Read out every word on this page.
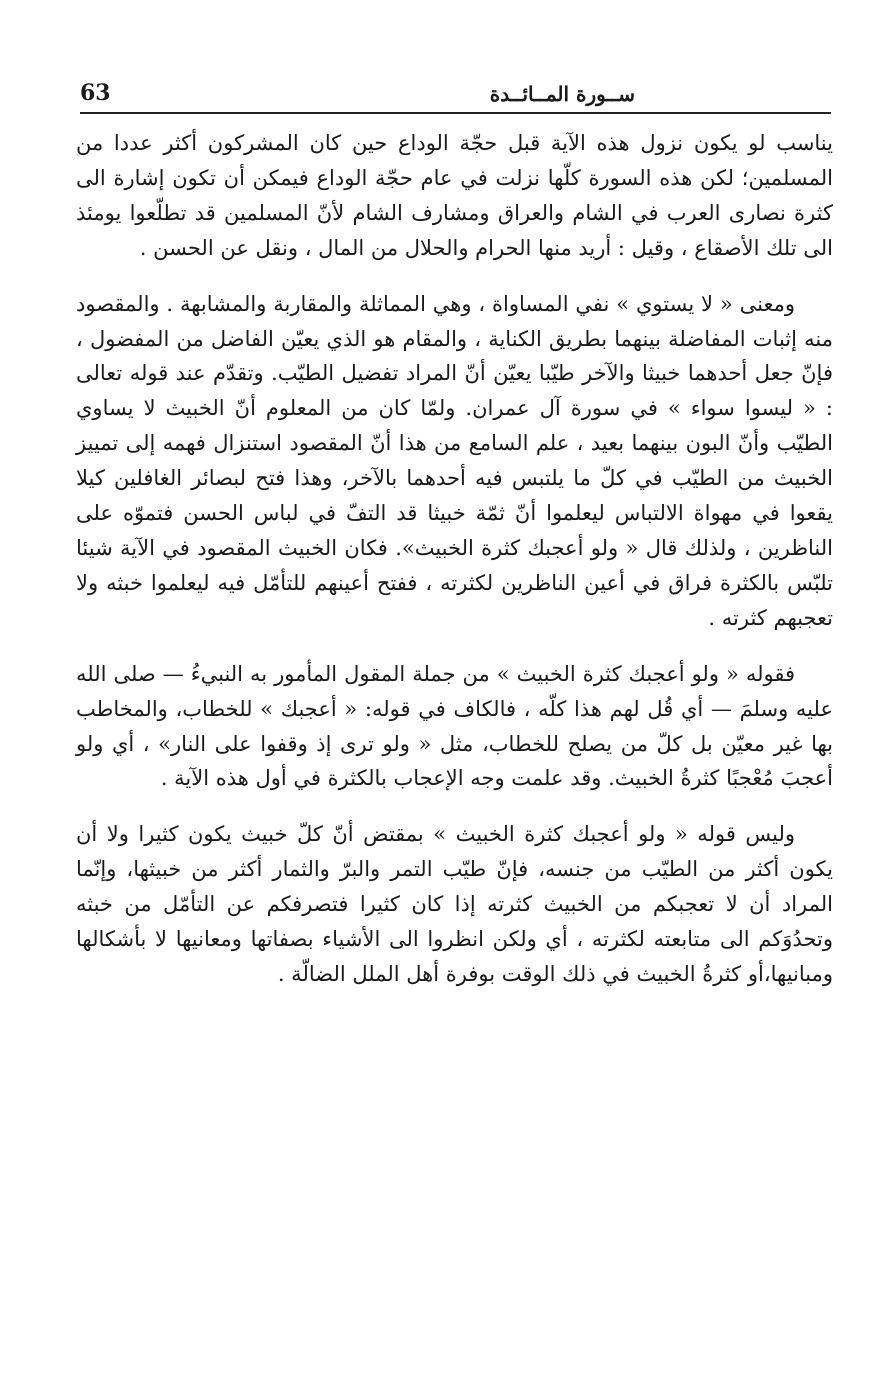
63	ســورة المــائــدة

يناسب لو يكون نزول هذه الآية قبل حجّة الوداع حين كان المشركون أكثر عددا من المسلمين؛ لكن هذه السورة كلّها نزلت في عام حجّة الوداع فيمكن أن تكون إشارة الى كثرة نصارى العرب في الشام والعراق ومشارف الشام لأنّ المسلمين قد تطلّعوا يومئذ الى تلك الأصقاع ، وقيل : أريد منها الحرام والحلال من المال ، ونقل عن الحسن .

ومعنى « لا يستوي » نفي المساواة ، وهي المماثلة والمقاربة والمشابهة . والمقصود منه إثبات المفاضلة بينهما بطريق الكناية ، والمقام هو الذي يعيّن الفاضل من المفضول ، فإنّ جعل أحدهما خبيثا والآخر طيّبا يعيّن أنّ المراد تفضيل الطيّب. وتقدّم عند قوله تعالى : « ليسوا سواء » في سورة آل عمران. ولمّا كان من المعلوم أنّ الخبيث لا يساوي الطيّب وأنّ البون بينهما بعيد ، علم السامع من هذا أنّ المقصود استنزال فهمه إلى تمييز الخبيث من الطيّب في كلّ ما يلتبس فيه أحدهما بالآخر، وهذا فتح لبصائر الغافلين كيلا يقعوا في مهواة الالتباس ليعلموا أنّ ثمّة خبيثا قد التفّ في لباس الحسن فتموّه على الناظرين ، ولذلك قال « ولو أعجبك كثرة الخبيث». فكان الخبيث المقصود في الآية شيئا تلبّس بالكثرة فراق في أعين الناظرين لكثرته ، ففتح أعينهم للتأمّل فيه ليعلموا خبثه ولا تعجبهم كثرته .

فقوله « ولو أعجبك كثرة الخبيث » من جملة المقول المأمور به النبيءُ — صلى الله عليه وسلمَ — أي قُل لهم هذا كلّه ، فالكاف في قوله: « أعجبك » للخطاب، والمخاطب بها غير معيّن بل كلّ من يصلح للخطاب، مثل « ولو ترى إذ وقفوا على النار» ، أي ولو أعجبَ مُعْجبًا كثرةُ الخبيث. وقد علمت وجه الإعجاب بالكثرة في أول هذه الآية .

وليس قوله « ولو أعجبك كثرة الخبيث » بمقتض أنّ كلّ خبيث يكون كثيرا ولا أن يكون أكثر من الطيّب من جنسه، فإنّ طيّب التمر والبرّ والثمار أكثر من خبيثها، وإنّما المراد أن لا تعجبكم من الخبيث كثرته إذا كان كثيرا فتصرفكم عن التأمّل من خبثه وتحدُوَكم الى متابعته لكثرته ، أي ولكن انظروا الى الأشياء بصفاتها ومعانيها لا بأشكالها ومبانيها،أو كثرةُ الخبيث في ذلك الوقت بوفرة أهل الملل الضالّة .
